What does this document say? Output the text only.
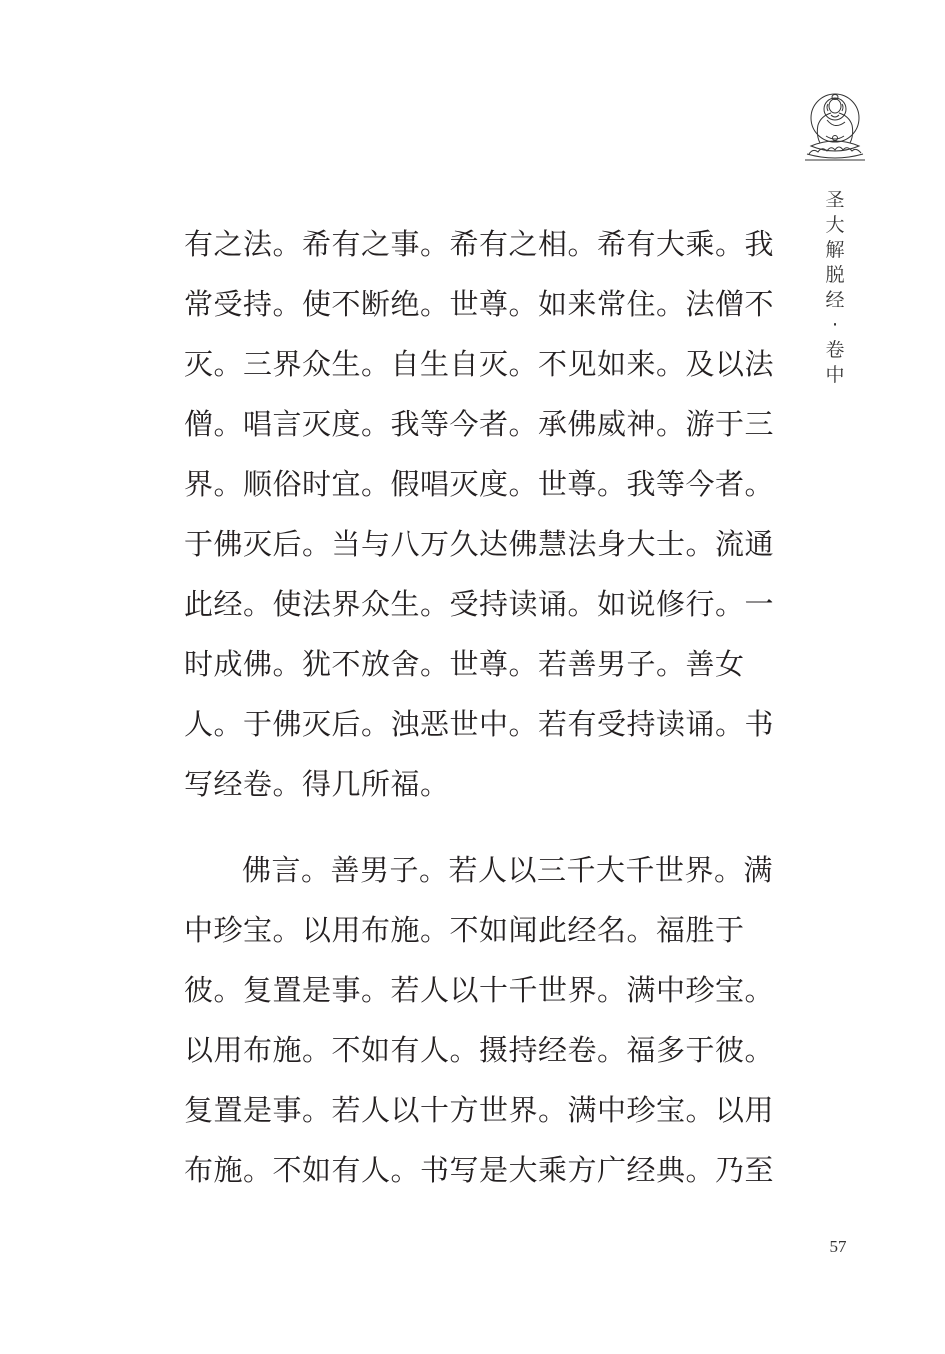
圣
大
解
脱
经
·
卷
中
有之法。希有之事。希有之相。希有大乘。我
常受持。使不断绝。世尊。如来常住。法僧不
灭。三界众生。自生自灭。不见如来。及以法
僧。唱言灭度。我等今者。承佛威神。游于三
界。顺俗时宜。假唱灭度。世尊。我等今者。
于佛灭后。当与八万久达佛慧法身大士。流通
此经。使法界众生。受持读诵。如说修行。一
时成佛。犹不放舍。世尊。若善男子。善女
人。于佛灭后。浊恶世中。若有受持读诵。书
写经卷。得几所福。
佛言。善男子。若人以三千大千世界。满
中珍宝。以用布施。不如闻此经名。福胜于
彼。复置是事。若人以十千世界。满中珍宝。
以用布施。不如有人。摄持经卷。福多于彼。
复置是事。若人以十方世界。满中珍宝。以用
布施。不如有人。书写是大乘方广经典。乃至
57
